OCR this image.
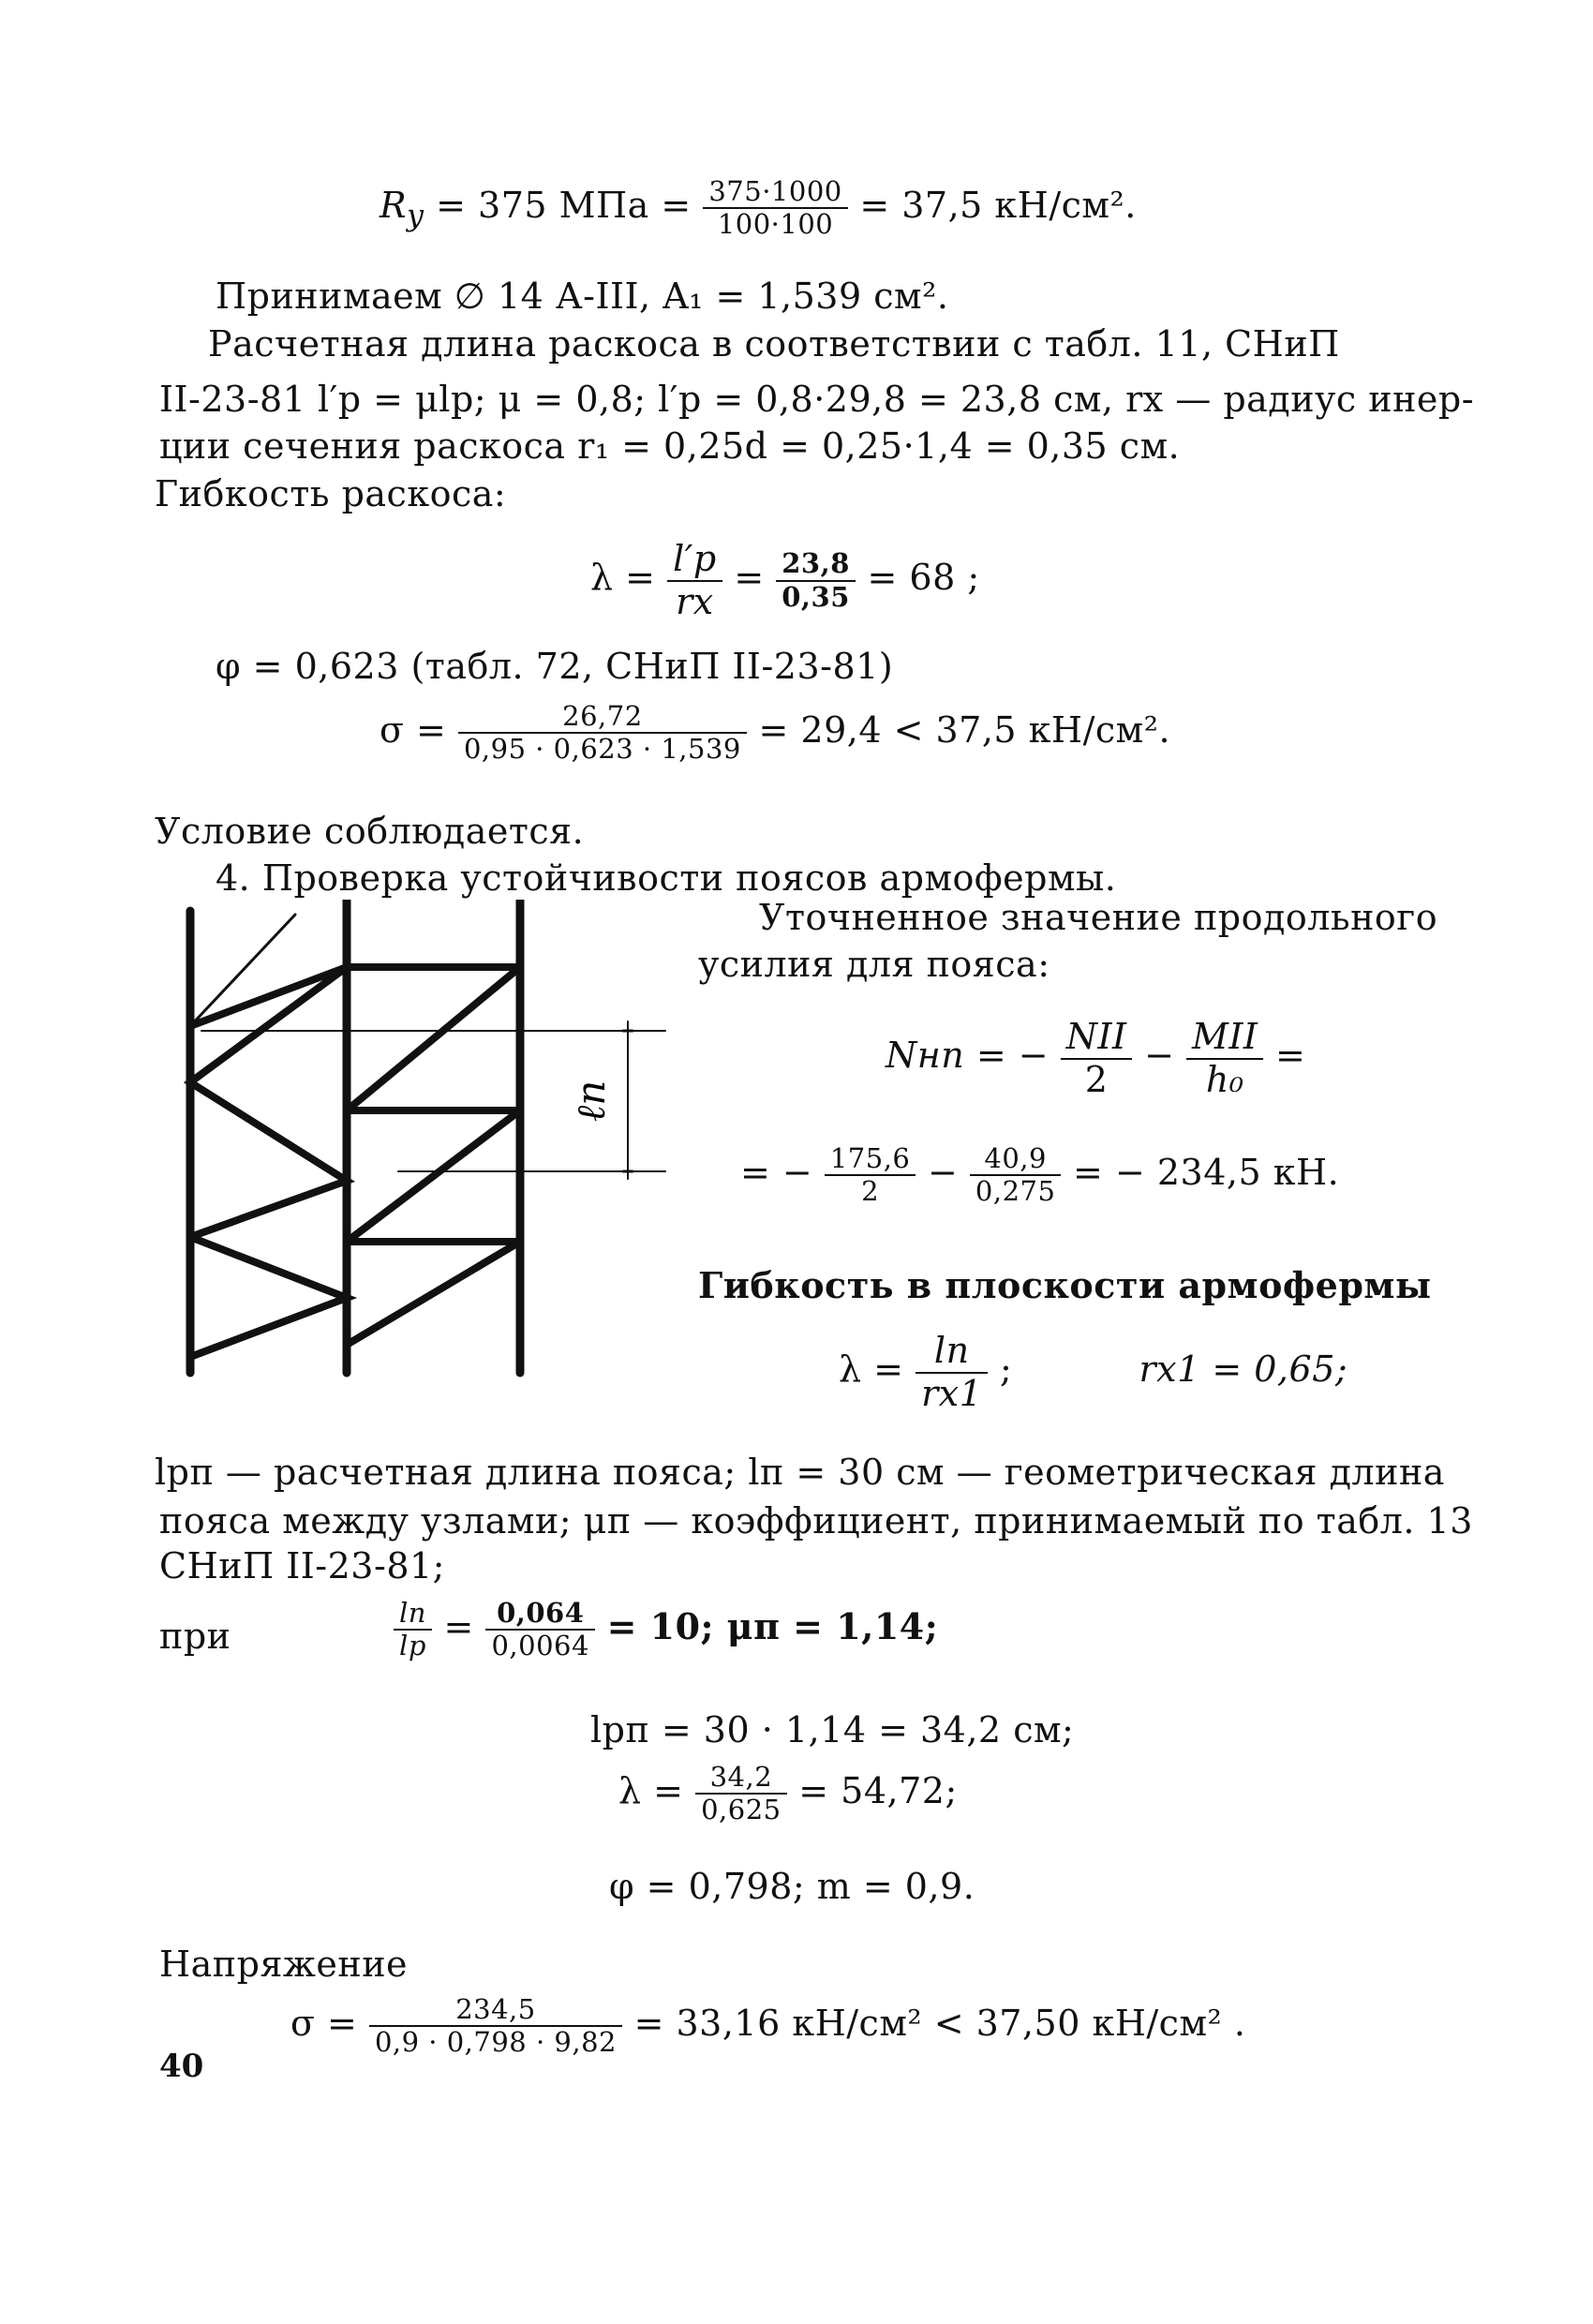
$R_y = 375$ МПа = $\frac{375\cdot 1000}{100\cdot 100} = 37,5$ кН/см².
Принимаем ∅ 14 А-III, A₁ = 1,539 см².
Расчетная длина раскоса в соответствии с табл. 11, СНиП
II-23-81 l′p = μlp; μ = 0,8; l′p = 0,8·29,8 = 23,8 см, rx — радиус инер-
ции сечения раскоса r₁ = 0,25d = 0,25·1,4 = 0,35 см.
Гибкость раскоса:
$\lambda = \frac{l'p}{rx} = \frac{23,8}{0,35} = 68$ ;
φ = 0,623 (табл. 72, СНиП II-23-81)
$\sigma = \frac{26,72}{0,95 \cdot 0,623 \cdot 1,539} = 29,4 < 37,5$ кН/см².
Условие соблюдается.
4. Проверка устойчивости поясов армофермы.
ℓп
Уточненное значение продольного
усилия для пояса:
Nнп = − $\frac{\text{NII}}{2} - \frac{\text{MII}}{\text{h₀}}$ =
= − $\frac{175,6}{2} - \frac{40,9}{0,275}$ = − 234,5 кН.
Гибкость в плоскости армофермы
$\lambda = \frac{lп}{rx1}$ ;	rx1 = 0,65;
lpп — расчетная длина пояса; lп = 30 см — геометрическая длина
пояса между узлами; μп — коэффициент, принимаемый по табл. 13
СНиП II-23-81;
при	$\frac{lп}{lр} = \frac{0,064}{0,0064} = 10$; μп = 1,14;
lpп = 30 · 1,14 = 34,2 см;
$\lambda = \frac{34,2}{0,625} = 54,72$;
φ = 0,798; m = 0,9.
Напряжение
$\sigma = \frac{234,5}{0,9 \cdot 0,798 \cdot 9,82} = 33,16$ кН/см² < 37,50 кН/см² .
40
